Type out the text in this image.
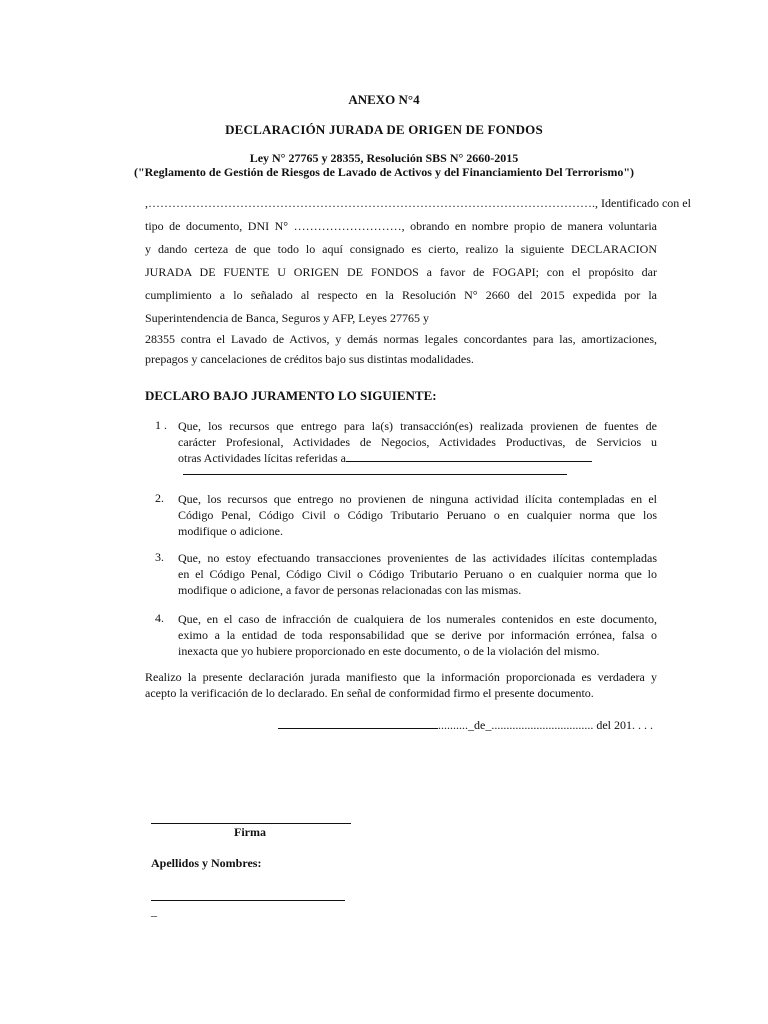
ANEXO N°4
DECLARACIÓN JURADA DE ORIGEN DE FONDOS
Ley N° 27765 y 28355, Resolución SBS N° 2660-2015
("Reglamento de Gestión de Riesgos de Lavado de Activos y del Financiamiento Del Terrorismo")
,…………………………………………………………………………………………………., Identificado con el
tipo de documento, DNI N° ………………………, obrando en nombre propio de manera voluntaria
y dando certeza de que todo lo aquí consignado es cierto, realizo la siguiente DECLARACION
JURADA DE FUENTE U ORIGEN DE FONDOS a favor de FOGAPI; con el propósito dar
cumplimiento a lo señalado al respecto en la Resolución N° 2660 del 2015 expedida por la
Superintendencia de Banca, Seguros y AFP, Leyes 27765 y
28355 contra el Lavado de Activos, y demás normas legales concordantes para las, amortizaciones,
prepagos y cancelaciones de créditos bajo sus distintas modalidades.
DECLARO BAJO JURAMENTO LO SIGUIENTE:
1 . Que, los recursos que entrego para la(s) transacción(es) realizada provienen de fuentes de
carácter Profesional, Actividades de Negocios, Actividades Productivas, de Servicios u
otras Actividades lícitas referidas a
2. Que, los recursos que entrego no provienen de ninguna actividad ilícita contempladas en el
Código Penal, Código Civil o Código Tributario Peruano o en cualquier norma que los
modifique o adicione.
3. Que, no estoy efectuando transacciones provenientes de las actividades ilícitas contempladas
en el Código Penal, Código Civil o Código Tributario Peruano o en cualquier norma que lo
modifique o adicione, a favor de personas relacionadas con las mismas.
4. Que, en el caso de infracción de cualquiera de los numerales contenidos en este documento,
eximo a la entidad de toda responsabilidad que se derive por información errónea, falsa o
inexacta que yo hubiere proporcionado en este documento, o de la violación del mismo.
Realizo la presente declaración jurada manifiesto que la información proporcionada es verdadera y
acepto la verificación de lo declarado. En señal de conformidad firmo el presente documento.
.........._de_.................................. del 201. . . .
Firma
Apellidos y Nombres:
_
